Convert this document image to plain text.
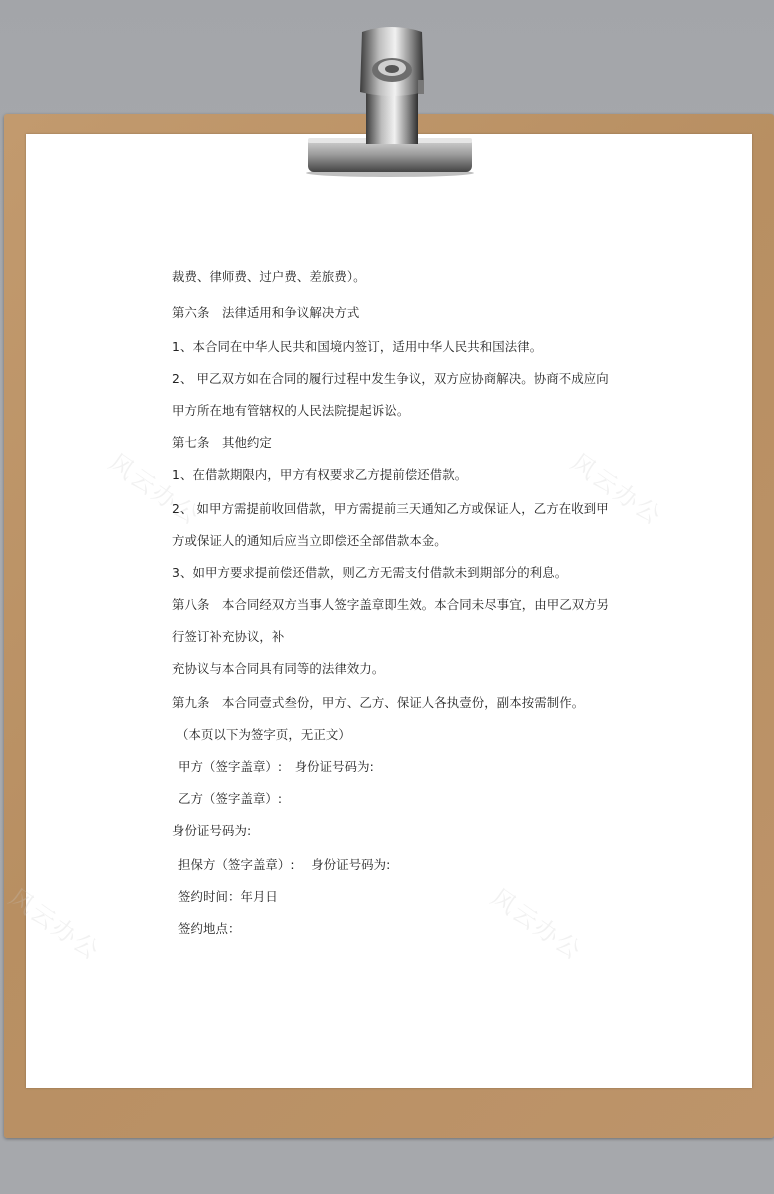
风云办公	风云办公
风云办公	风云办公
裁费、律师费、过户费、差旅费）。
第六条　法律适用和争议解决方式
1、本合同在中华人民共和国境内签订，适用中华人民共和国法律。
2、 甲乙双方如在合同的履行过程中发生争议，双方应协商解决。协商不成应向
甲方所在地有管辖权的人民法院提起诉讼。
第七条　其他约定
1、在借款期限内，甲方有权要求乙方提前偿还借款。
2、 如甲方需提前收回借款，甲方需提前三天通知乙方或保证人，乙方在收到甲
方或保证人的通知后应当立即偿还全部借款本金。
3、如甲方要求提前偿还借款，则乙方无需支付借款未到期部分的利息。
第八条　本合同经双方当事人签字盖章即生效。本合同未尽事宜，由甲乙双方另
行签订补充协议，补
充协议与本合同具有同等的法律效力。
第九条　本合同壹式叁份，甲方、乙方、保证人各执壹份，副本按需制作。
（本页以下为签字页，无正文）
甲方（签字盖章）:　身份证号码为:
乙方（签字盖章）:
身份证号码为:
担保方（签字盖章）:　 身份证号码为:
签约时间：年月日
签约地点：
